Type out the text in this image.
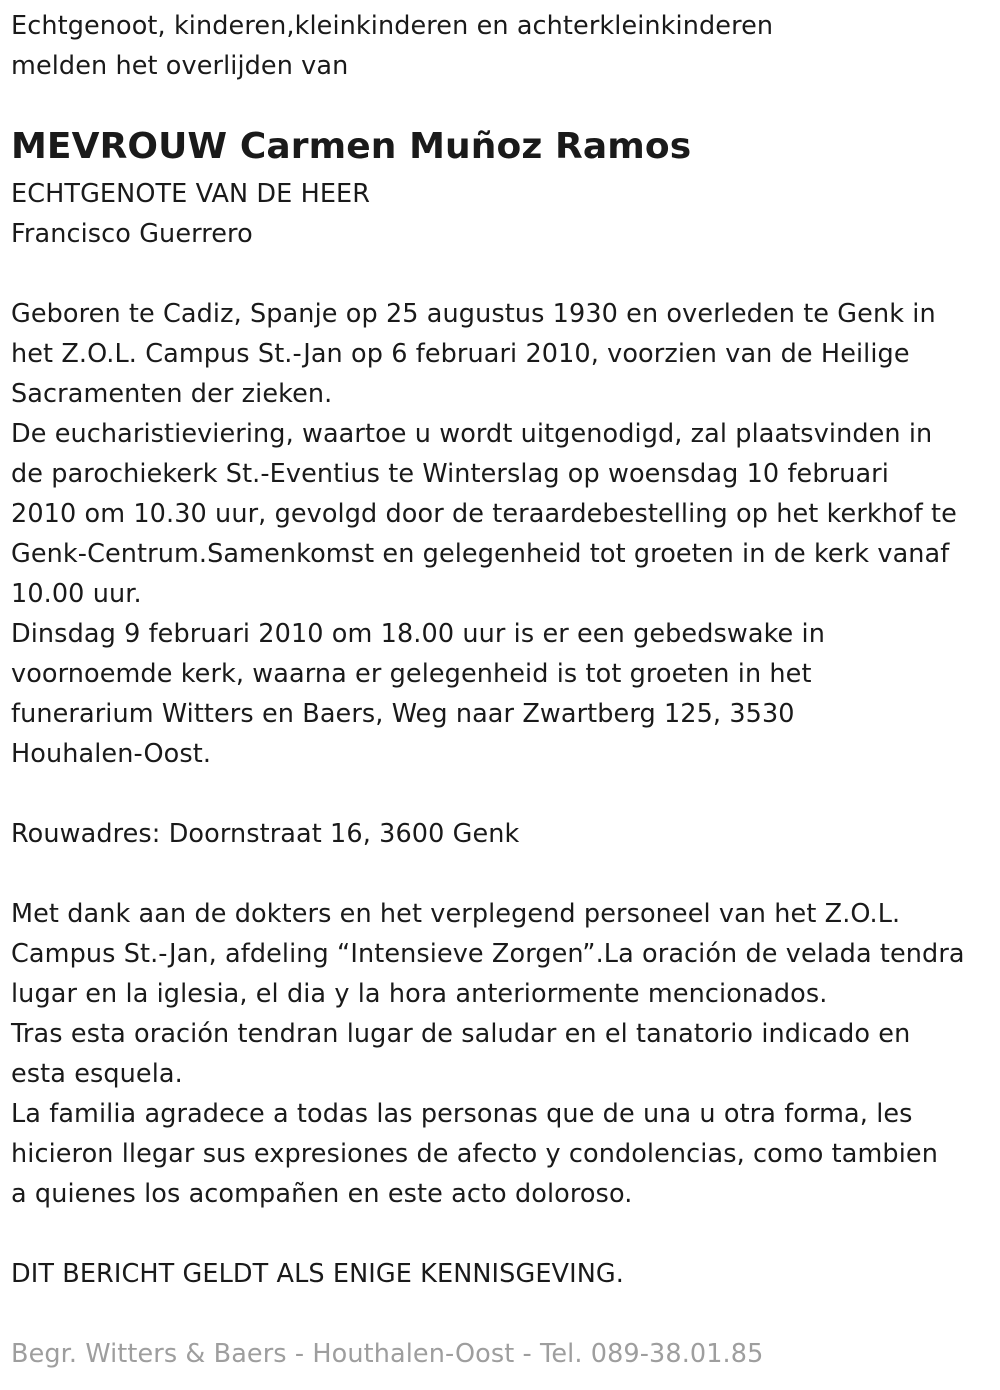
Echtgenoot, kinderen,kleinkinderen en achterkleinkinderen
melden het overlijden van
MEVROUW Carmen Muñoz Ramos
ECHTGENOTE VAN DE HEER
Francisco Guerrero
Geboren te Cadiz, Spanje op 25 augustus 1930 en overleden te Genk in
het Z.O.L. Campus St.-Jan op 6 februari 2010, voorzien van de Heilige
Sacramenten der zieken.
De eucharistieviering, waartoe u wordt uitgenodigd, zal plaatsvinden in
de parochiekerk St.-Eventius te Winterslag op woensdag 10 februari
2010 om 10.30 uur, gevolgd door de teraardebestelling op het kerkhof te
Genk-Centrum.Samenkomst en gelegenheid tot groeten in de kerk vanaf
10.00 uur.
Dinsdag 9 februari 2010 om 18.00 uur is er een gebedswake in
voornoemde kerk, waarna er gelegenheid is tot groeten in het
funerarium Witters en Baers, Weg naar Zwartberg 125, 3530
Houhalen-Oost.
Rouwadres: Doornstraat 16, 3600 Genk
Met dank aan de dokters en het verplegend personeel van het Z.O.L.
Campus St.-Jan, afdeling “Intensieve Zorgen”.La oración de velada tendra
lugar en la iglesia, el dia y la hora anteriormente mencionados.
Tras esta oración tendran lugar de saludar en el tanatorio indicado en
esta esquela.
La familia agradece a todas las personas que de una u otra forma, les
hicieron llegar sus expresiones de afecto y condolencias, como tambien
a quienes los acompañen en este acto doloroso.
DIT BERICHT GELDT ALS ENIGE KENNISGEVING.
Begr. Witters & Baers - Houthalen-Oost - Tel. 089-38.01.85
